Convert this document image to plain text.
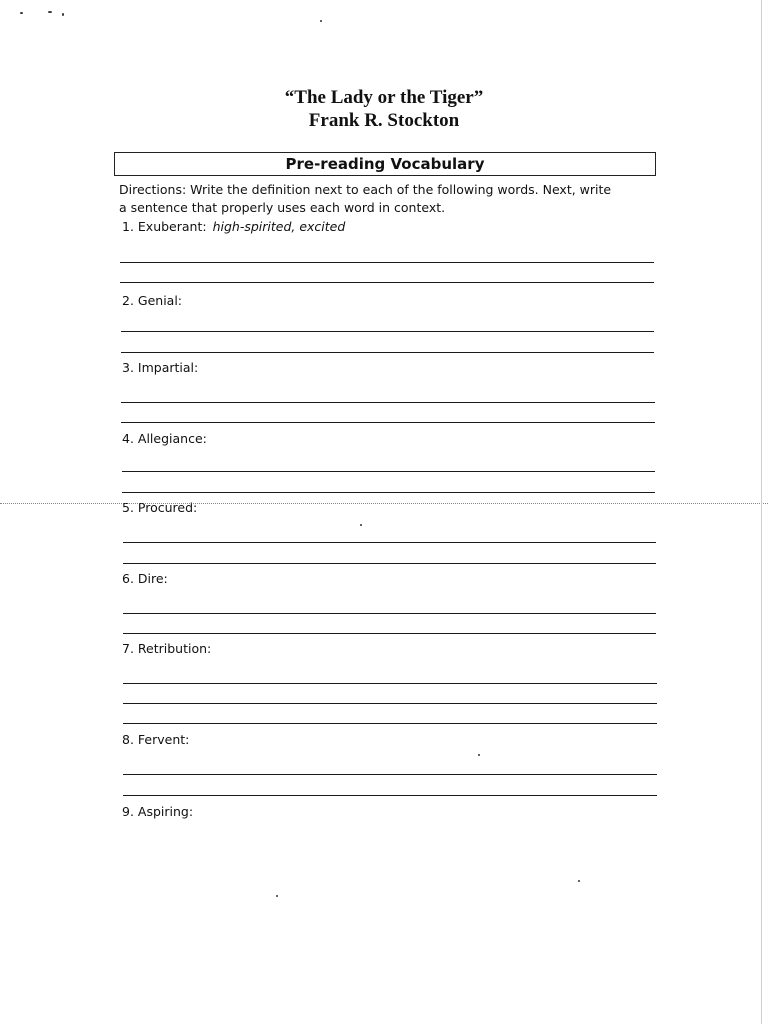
“The Lady or the Tiger”
Frank R. Stockton
Pre-reading Vocabulary
Directions: Write the definition next to each of the following words. Next, write
a sentence that properly uses each word in context.
1. Exuberant: high-spirited, excited
2. Genial:
3. Impartial:
4. Allegiance:
5. Procured:
6. Dire:
7. Retribution:
8. Fervent:
9. Aspiring:
